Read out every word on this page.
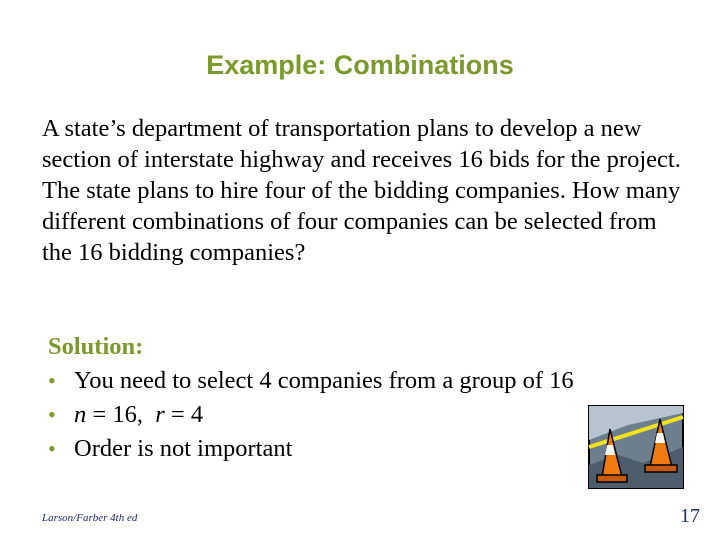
Example: Combinations
A state’s department of transportation plans to develop a new section of interstate highway and receives 16 bids for the project. The state plans to hire four of the bidding companies. How many different combinations of four companies can be selected from the 16 bidding companies?
Solution:
• You need to select 4 companies from a group of 16
• n = 16,  r = 4
• Order is not important
Larson/Farber 4th ed	17
